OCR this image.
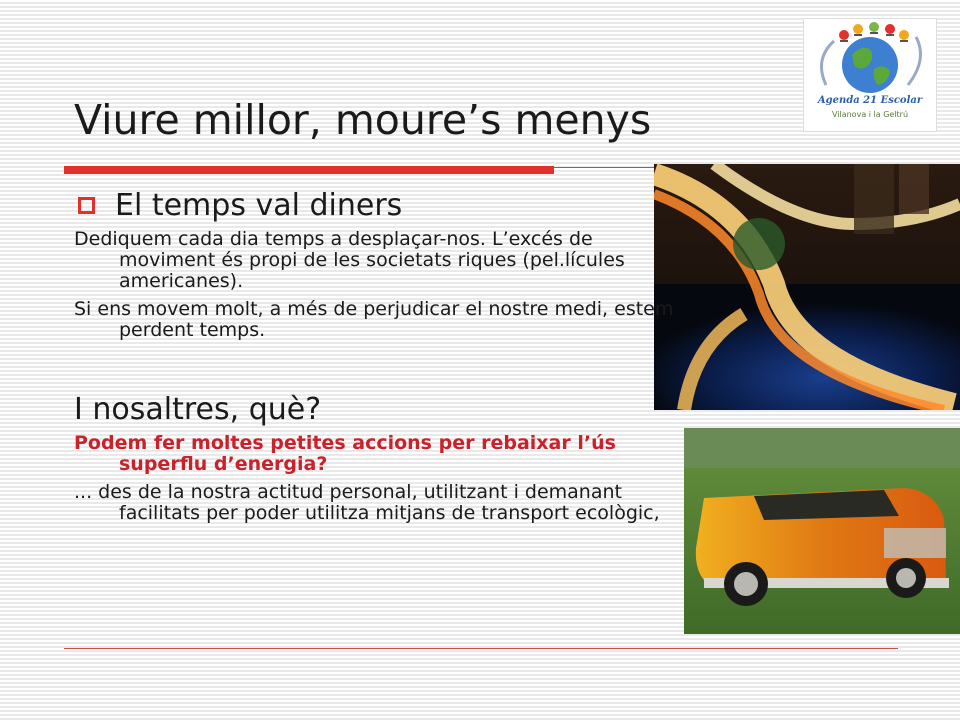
Agenda 21 Escolar
Vilanova i la Geltrú
Viure millor, moure’s menys
El temps val diners

Dediquem cada dia temps a desplaçar-nos. L’excés de moviment és propi de les societats riques (pel.lícules americanes).

Si ens movem molt, a més de perjudicar el nostre medi, estem perdent temps.

I nosaltres, què?

Podem fer moltes petites accions per rebaixar l’ús superflu d’energia?

... des de la nostra actitud personal, utilitzant i demanant facilitats per poder utilitza mitjans de transport ecològic,
